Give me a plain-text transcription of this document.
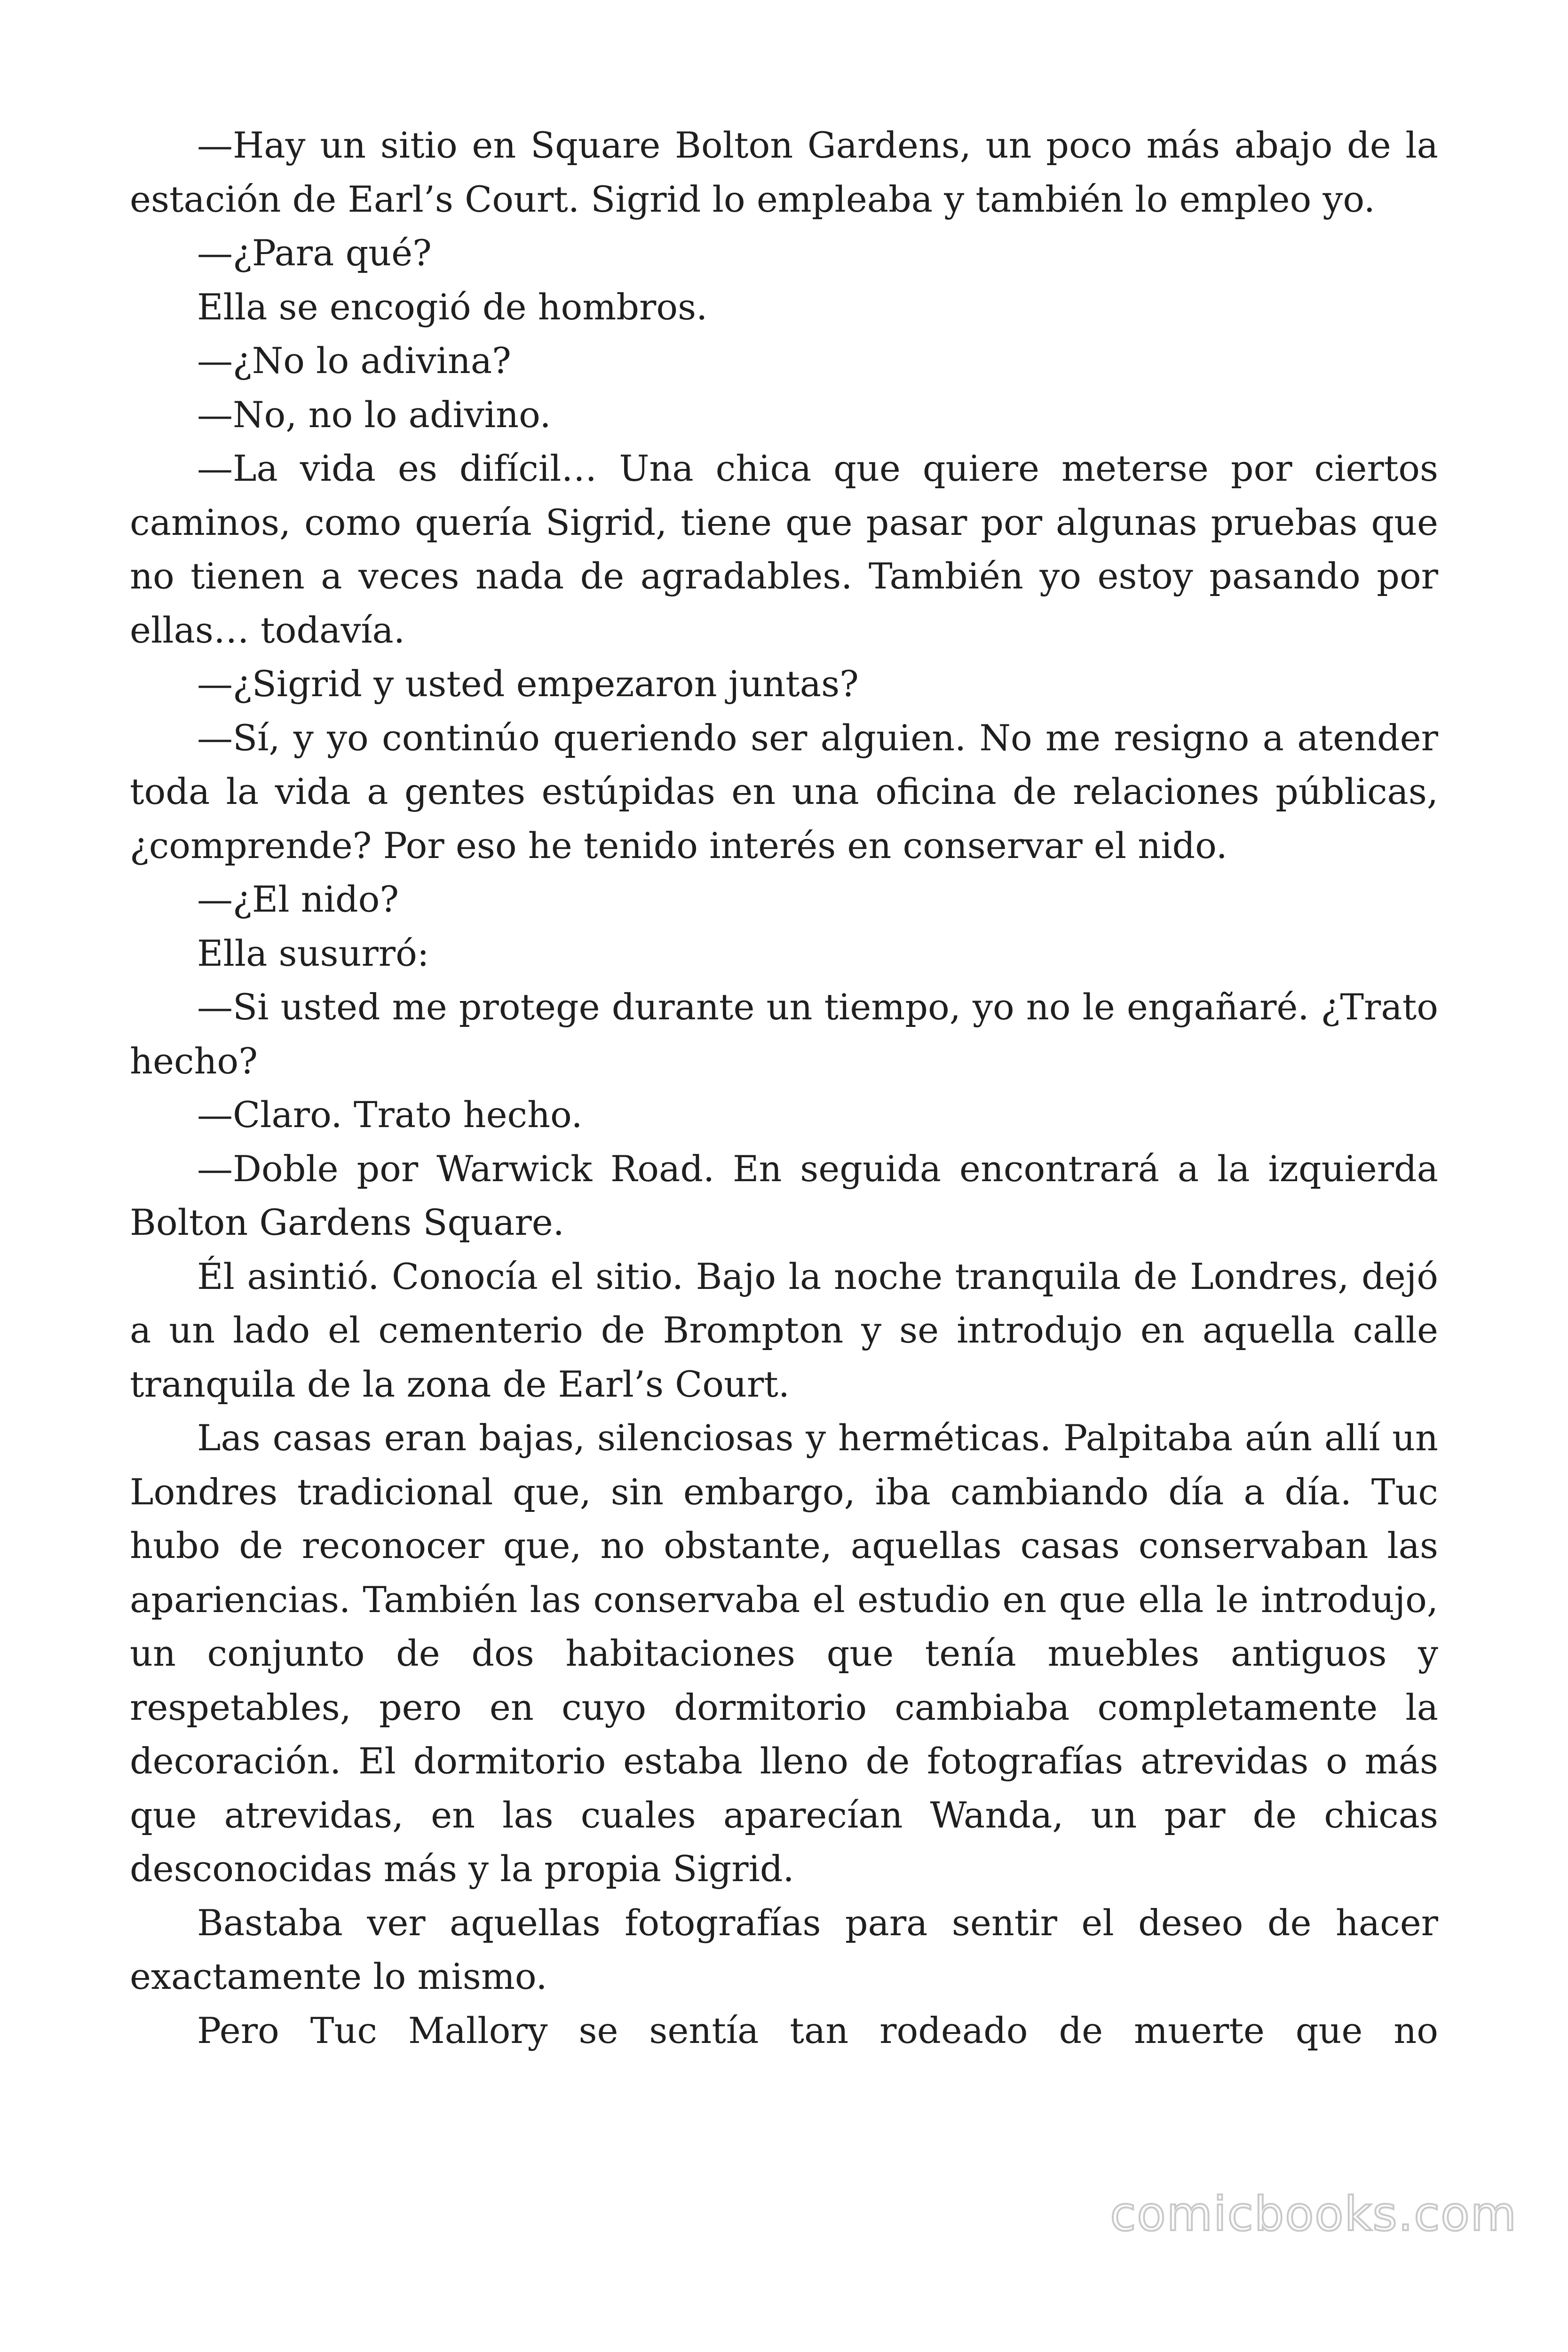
—Hay un sitio en Square Bolton Gardens, un poco más abajo de la estación de Earl’s Court. Sigrid lo empleaba y también lo empleo yo.

—¿Para qué?

Ella se encogió de hombros.

—¿No lo adivina?

—No, no lo adivino.

—La vida es difícil… Una chica que quiere meterse por ciertos caminos, como quería Sigrid, tiene que pasar por algunas pruebas que no tienen a veces nada de agradables. También yo estoy pasando por ellas… todavía.

—¿Sigrid y usted empezaron juntas?

—Sí, y yo continúo queriendo ser alguien. No me resigno a atender toda la vida a gentes estúpidas en una oficina de relaciones públicas, ¿comprende? Por eso he tenido interés en conservar el nido.

—¿El nido?

Ella susurró:

—Si usted me protege durante un tiempo, yo no le engañaré. ¿Trato hecho?

—Claro. Trato hecho.

—Doble por Warwick Road. En seguida encontrará a la izquierda Bolton Gardens Square.

Él asintió. Conocía el sitio. Bajo la noche tranquila de Londres, dejó a un lado el cementerio de Brompton y se introdujo en aquella calle tranquila de la zona de Earl’s Court.

Las casas eran bajas, silenciosas y herméticas. Palpitaba aún allí un Londres tradicional que, sin embargo, iba cambiando día a día. Tuc hubo de reconocer que, no obstante, aquellas casas conservaban las apariencias. También las conservaba el estudio en que ella le introdujo, un conjunto de dos habitaciones que tenía muebles antiguos y respetables, pero en cuyo dormitorio cambiaba completamente la decoración. El dormitorio estaba lleno de fotografías atrevidas o más que atrevidas, en las cuales aparecían Wanda, un par de chicas desconocidas más y la propia Sigrid.

Bastaba ver aquellas fotografías para sentir el deseo de hacer exactamente lo mismo.

Pero Tuc Mallory se sentía tan rodeado de muerte que no

comicbooks.com
